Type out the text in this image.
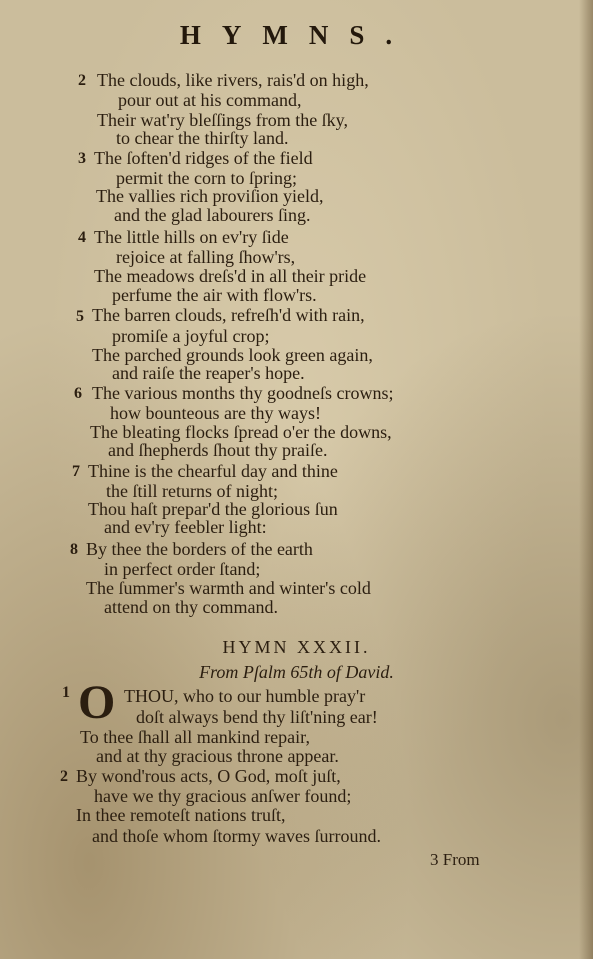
HYMNS.
2 The clouds, like rivers, rais'd on high,
pour out at his command,
Their wat'ry bleſſings from the ſky,
to chear the thirſty land.
3 The ſoften'd ridges of the field
permit the corn to ſpring;
The vallies rich proviſion yield,
and the glad labourers ſing.
4 The little hills on ev'ry ſide
rejoice at falling ſhow'rs,
The meadows dreſs'd in all their pride
perfume the air with flow'rs.
5 The barren clouds, refreſh'd with rain,
promiſe a joyful crop;
The parched grounds look green again,
and raiſe the reaper's hope.
6 The various months thy goodneſs crowns;
how bounteous are thy ways!
The bleating flocks ſpread o'er the downs,
and ſhepherds ſhout thy praiſe.
7 Thine is the chearful day and thine
the ſtill returns of night;
Thou haſt prepar'd the glorious ſun
and ev'ry feebler light:
8 By thee the borders of the earth
in perfect order ſtand;
The ſummer's warmth and winter's cold
attend on thy command.
HYMN XXXII.
From Pſalm 65th of David.
1 O THOU, who to our humble pray'r
doſt always bend thy liſt'ning ear!
To thee ſhall all mankind repair,
and at thy gracious throne appear.
2 By wond'rous acts, O God, moſt juſt,
have we thy gracious anſwer found;
In thee remoteſt nations truſt,
and thoſe whom ſtormy waves ſurround.
3 From
